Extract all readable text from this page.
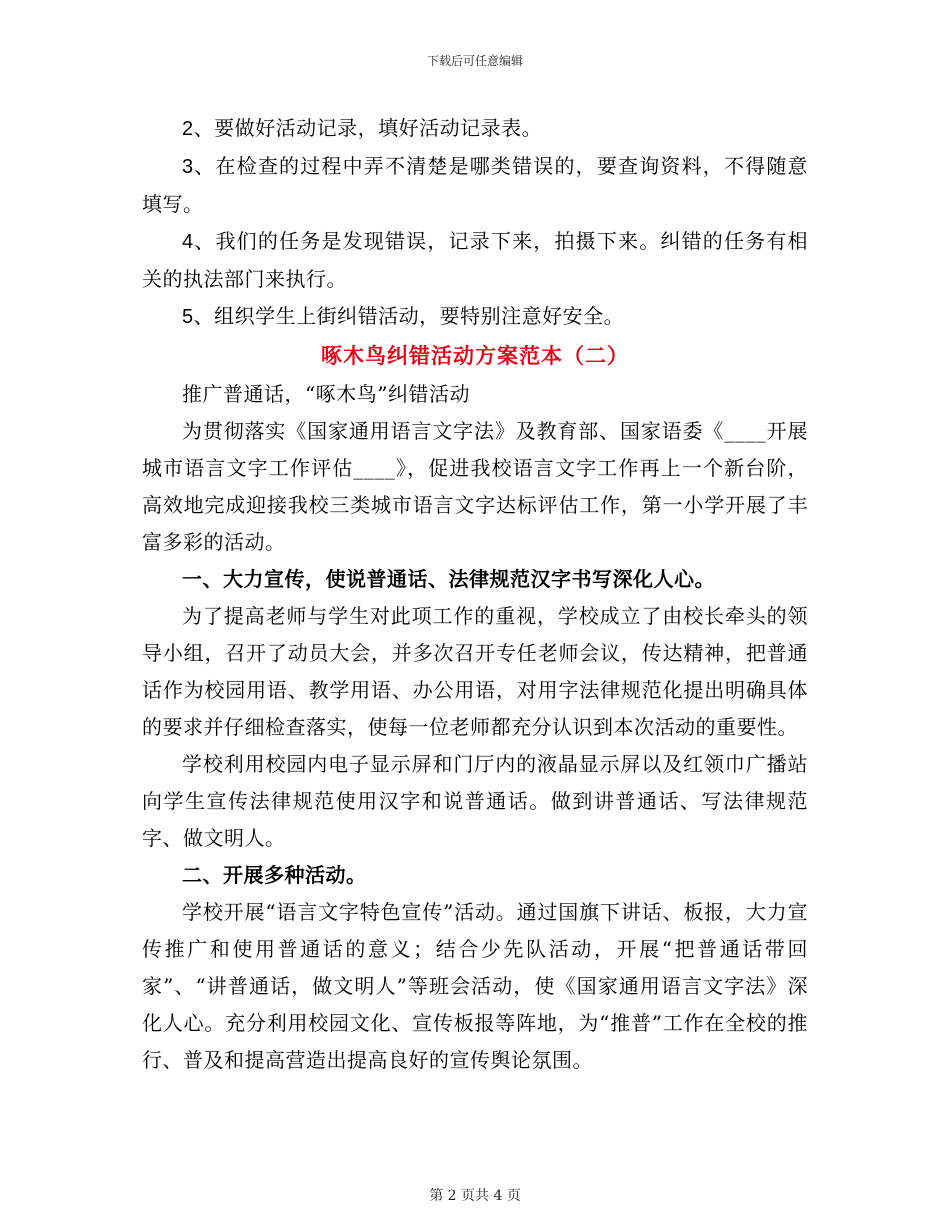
下载后可任意编辑

2、要做好活动记录，填好活动记录表。

3、在检查的过程中弄不清楚是哪类错误的，要查询资料，不得随意填写。

4、我们的任务是发现错误，记录下来，拍摄下来。纠错的任务有相关的执法部门来执行。

5、组织学生上街纠错活动，要特别注意好安全。

啄木鸟纠错活动方案范本（二）

推广普通话，“啄木鸟”纠错活动

为贯彻落实《国家通用语言文字法》及教育部、国家语委《____开展城市语言文字工作评估____》，促进我校语言文字工作再上一个新台阶，高效地完成迎接我校三类城市语言文字达标评估工作，第一小学开展了丰富多彩的活动。

一、大力宣传，使说普通话、法律规范汉字书写深化人心。

为了提高老师与学生对此项工作的重视，学校成立了由校长牵头的领导小组，召开了动员大会，并多次召开专任老师会议，传达精神，把普通话作为校园用语、教学用语、办公用语，对用字法律规范化提出明确具体的要求并仔细检查落实，使每一位老师都充分认识到本次活动的重要性。

学校利用校园内电子显示屏和门厅内的液晶显示屏以及红领巾广播站向学生宣传法律规范使用汉字和说普通话。做到讲普通话、写法律规范字、做文明人。

二、开展多种活动。

学校开展“语言文字特色宣传”活动。通过国旗下讲话、板报，大力宣传推广和使用普通话的意义；结合少先队活动，开展“把普通话带回家”、“讲普通话，做文明人”等班会活动，使《国家通用语言文字法》深化人心。充分利用校园文化、宣传板报等阵地，为“推普”工作在全校的推行、普及和提高营造出提高良好的宣传舆论氛围。

第 2 页共 4 页
